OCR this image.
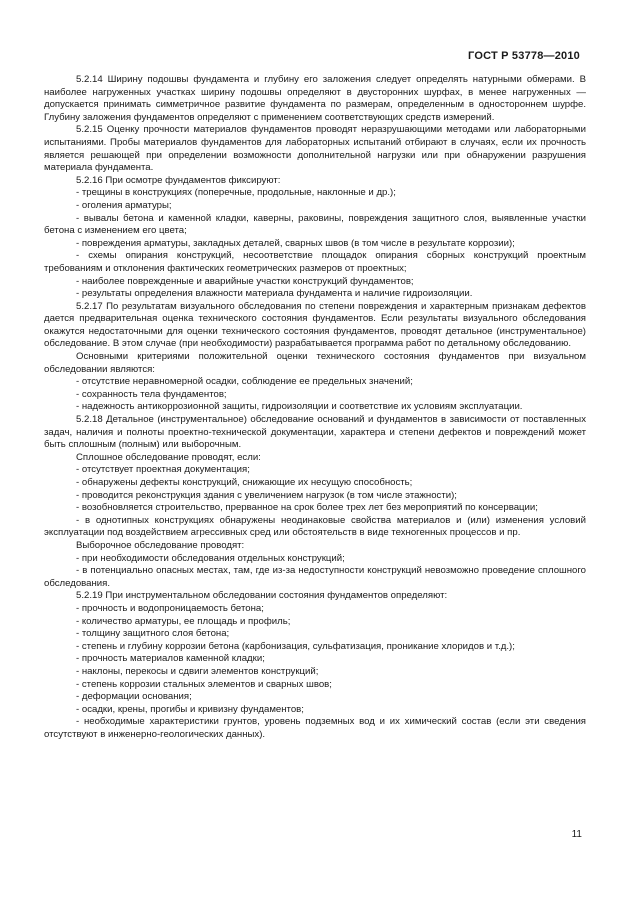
ГОСТ Р 53778—2010

5.2.14 Ширину подошвы фундамента и глубину его заложения следует определять натурными обмерами. В наиболее нагруженных участках ширину подошвы определяют в двусторонних шурфах, в менее нагруженных — допускается принимать симметричное развитие фундамента по размерам, определенным в одностороннем шурфе. Глубину заложения фундаментов определяют с применением соответствующих средств измерений.

5.2.15 Оценку прочности материалов фундаментов проводят неразрушающими методами или лабораторными испытаниями. Пробы материалов фундаментов для лабораторных испытаний отбирают в случаях, если их прочность является решающей при определении возможности дополнительной нагрузки или при обнаружении разрушения материала фундамента.

5.2.16 При осмотре фундаментов фиксируют:

- трещины в конструкциях (поперечные, продольные, наклонные и др.);

- оголения арматуры;

- вывалы бетона и каменной кладки, каверны, раковины, повреждения защитного слоя, выявленные участки бетона с изменением его цвета;

- повреждения арматуры, закладных деталей, сварных швов (в том числе в результате коррозии);

- схемы опирания конструкций, несоответствие площадок опирания сборных конструкций проектным требованиям и отклонения фактических геометрических размеров от проектных;

- наиболее поврежденные и аварийные участки конструкций фундаментов;

- результаты определения влажности материала фундамента и наличие гидроизоляции.

5.2.17 По результатам визуального обследования по степени повреждения и характерным признакам дефектов дается предварительная оценка технического состояния фундаментов. Если результаты визуального обследования окажутся недостаточными для оценки технического состояния фундаментов, проводят детальное (инструментальное) обследование. В этом случае (при необходимости) разрабатывается программа работ по детальному обследованию.

Основными критериями положительной оценки технического состояния фундаментов при визуальном обследовании являются:

- отсутствие неравномерной осадки, соблюдение ее предельных значений;

- сохранность тела фундаментов;

- надежность антикоррозионной защиты, гидроизоляции и соответствие их условиям эксплуатации.

5.2.18 Детальное (инструментальное) обследование оснований и фундаментов в зависимости от поставленных задач, наличия и полноты проектно-технической документации, характера и степени дефектов и повреждений может быть сплошным (полным) или выборочным.

Сплошное обследование проводят, если:

- отсутствует проектная документация;

- обнаружены дефекты конструкций, снижающие их несущую способность;

- проводится реконструкция здания с увеличением нагрузок (в том числе этажности);

- возобновляется строительство, прерванное на срок более трех лет без мероприятий по консервации;

- в однотипных конструкциях обнаружены неодинаковые свойства материалов и (или) изменения условий эксплуатации под воздействием агрессивных сред или обстоятельств в виде техногенных процессов и пр.

Выборочное обследование проводят:

- при необходимости обследования отдельных конструкций;

- в потенциально опасных местах, там, где из-за недоступности конструкций невозможно проведение сплошного обследования.

5.2.19 При инструментальном обследовании состояния фундаментов определяют:

- прочность и водопроницаемость бетона;

- количество арматуры, ее площадь и профиль;

- толщину защитного слоя бетона;

- степень и глубину коррозии бетона (карбонизация, сульфатизация, проникание хлоридов и т.д.);

- прочность материалов каменной кладки;

- наклоны, перекосы и сдвиги элементов конструкций;

- степень коррозии стальных элементов и сварных швов;

- деформации основания;

- осадки, крены, прогибы и кривизну фундаментов;

- необходимые характеристики грунтов, уровень подземных вод и их химический состав (если эти сведения отсутствуют в инженерно-геологических данных).

11
